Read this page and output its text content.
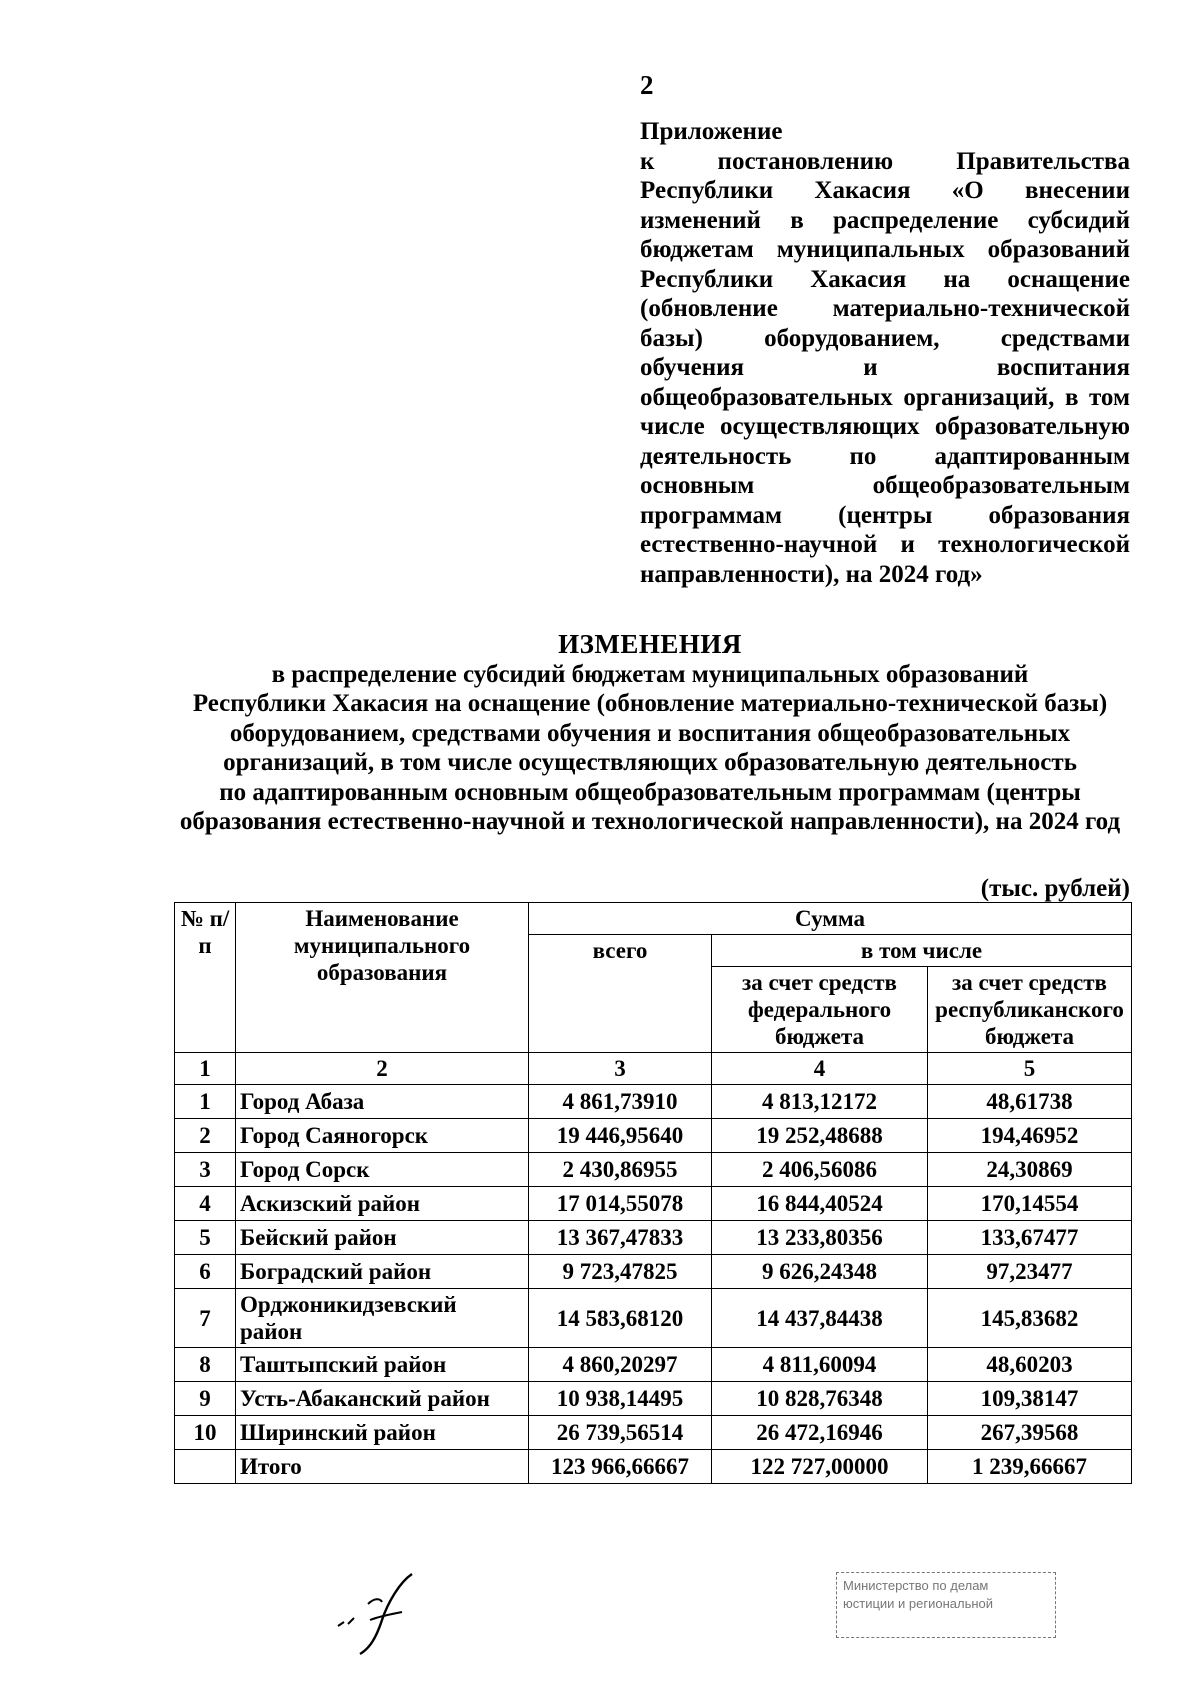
2
Приложение
к постановлению Правительства Республики Хакасия «О внесении изменений в распределение субсидий бюджетам муниципальных образований Республики Хакасия на оснащение (обновление материально-технической базы) оборудованием, средствами обучения и воспитания общеобразовательных организаций, в том числе осуществляющих образовательную деятельность по адаптированным основным общеобразовательным программам (центры образования естественно-научной и технологической направленности), на 2024 год»
ИЗМЕНЕНИЯ
в распределение субсидий бюджетам муниципальных образований
Республики Хакасия на оснащение (обновление материально-технической базы)
оборудованием, средствами обучения и воспитания общеобразовательных
организаций, в том числе осуществляющих образовательную деятельность
по адаптированным основным общеобразовательным программам (центры
образования естественно-научной и технологической направленности), на 2024 год
(тыс. рублей)
№ п/п	Наименование муниципального образования	Сумма		
		всего	в том числе	
			за счет средств федерального бюджета	за счет средств республиканского бюджета
1	2	3	4	5
1	Город Абаза	4 861,73910	4 813,12172	48,61738
2	Город Саяногорск	19 446,95640	19 252,48688	194,46952
3	Город Сорск	2 430,86955	2 406,56086	24,30869
4	Аскизский район	17 014,55078	16 844,40524	170,14554
5	Бейский район	13 367,47833	13 233,80356	133,67477
6	Боградский район	9 723,47825	9 626,24348	97,23477
7	Орджоникидзевский район	14 583,68120	14 437,84438	145,83682
8	Таштыпский район	4 860,20297	4 811,60094	48,60203
9	Усть-Абаканский район	10 938,14495	10 828,76348	109,38147
10	Ширинский район	26 739,56514	26 472,16946	267,39568
	Итого	123 966,66667	122 727,00000	1 239,66667
Министерство по делам
юстиции и региональной
